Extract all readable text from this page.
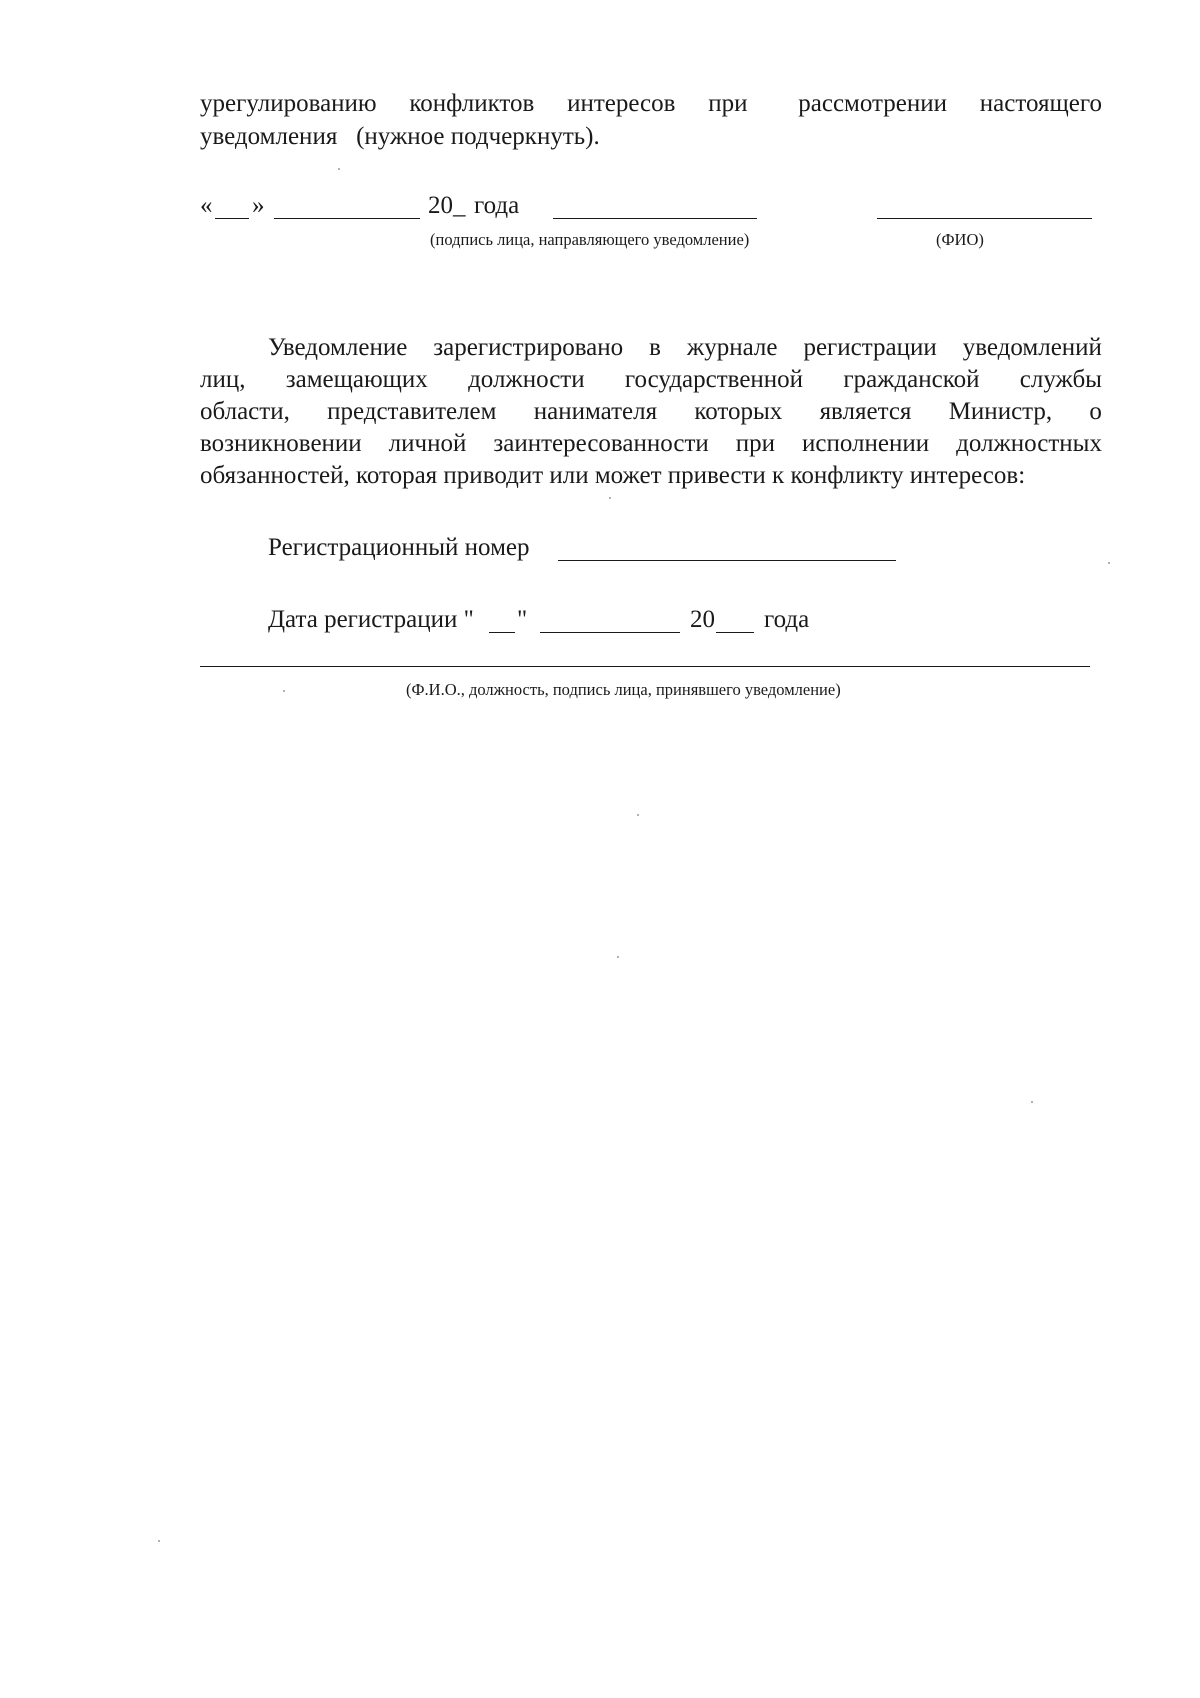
урегулированию конфликтов интересов при рассмотрении настоящего
уведомления   (нужное подчеркнуть).
« »	20_ года
(подпись лица, направляющего уведомление)	(ФИО)
Уведомление зарегистрировано в журнале регистрации уведомлений
лиц, замещающих должности государственной гражданской службы
области, представителем нанимателя которых является Министр, о
возникновении личной заинтересованности при исполнении должностных
обязанностей, которая приводит или может привести к конфликту интересов:
Регистрационный номер
Дата регистрации " "	20 года
(Ф.И.О., должность, подпись лица, принявшего уведомление)
